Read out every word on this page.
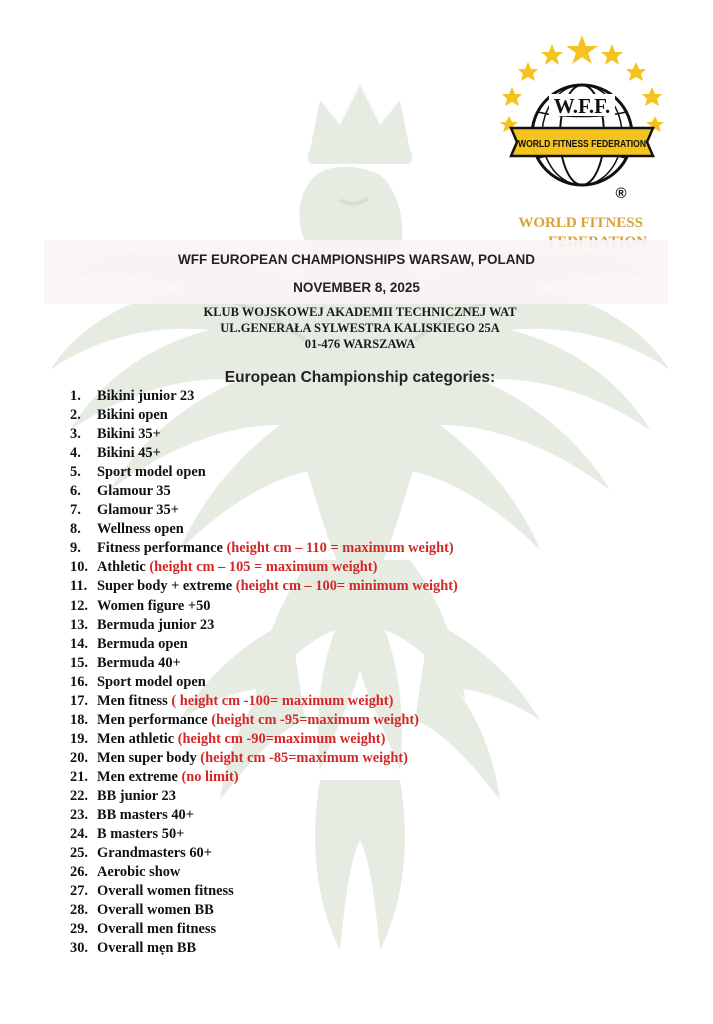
W.F.F.
WORLD FITNESS FEDERATION
®
WORLD FITNESS
WFF EUROPEAN CHAMPIONSHIPS WARSAW, POLAND
NOVEMBER 8, 2025
KLUB WOJSKOWEJ AKADEMII TECHNICZNEJ WAT
UL.GENERAŁA SYLWESTRA KALISKIEGO 25A
01-476 WARSZAWA
European Championship categories:
1. Bikini junior 23
2. Bikini open
3. Bikini 35+
4. Bikini 45+
5. Sport model open
6. Glamour 35
7. Glamour 35+
8. Wellness open
9. Fitness performance (height cm – 110 = maximum weight)
10. Athletic (height cm – 105 = maximum weight)
11. Super body + extreme (height cm – 100= minimum weight)
12. Women figure +50
13. Bermuda junior 23
14. Bermuda open
15. Bermuda 40+
16. Sport model open
17. Men fitness ( height cm -100= maximum weight)
18. Men performance (height cm -95=maximum weight)
19. Men athletic (height cm -90=maximum weight)
20. Men super body (height cm -85=maximum weight)
21. Men extreme (no limit)
22. BB junior 23
23. BB masters 40+
24. B masters 50+
25. Grandmasters 60+
26. Aerobic show
27. Overall women fitness
28. Overall women BB
29. Overall men fitness
30. Overall mẹn BB
